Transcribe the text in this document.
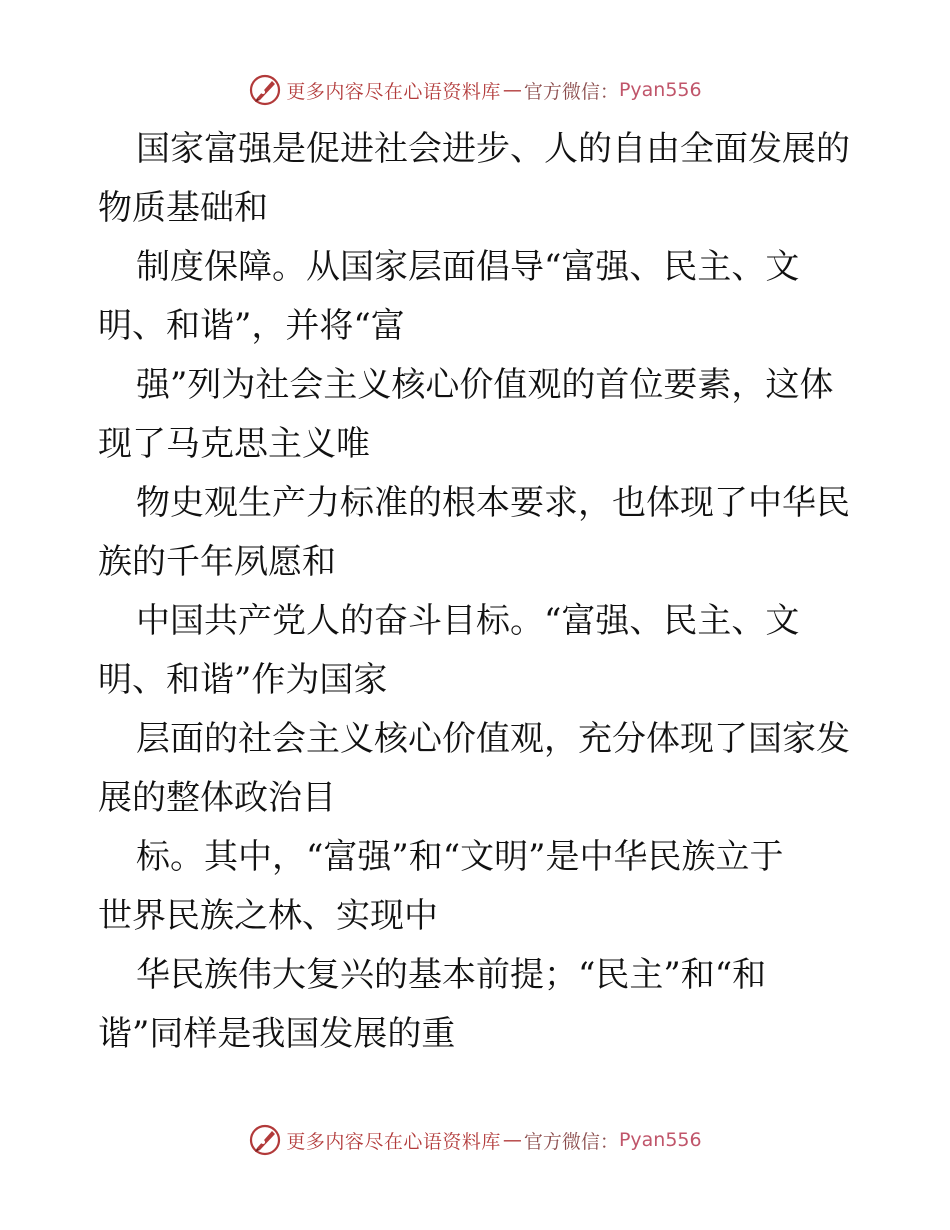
更多内容尽在心语资料库 — 官方微信： Pyan556
国家富强是促进社会进步、人的自由全面发展的
物质基础和
制度保障。从国家层面倡导“富强、民主、文
明、和谐”，并将“富
强”列为社会主义核心价值观的首位要素，这体
现了马克思主义唯
物史观生产力标准的根本要求，也体现了中华民
族的千年夙愿和
中国共产党人的奋斗目标。“富强、民主、文
明、和谐”作为国家
层面的社会主义核心价值观，充分体现了国家发
展的整体政治目
标。其中，“富强”和“文明”是中华民族立于
世界民族之林、实现中
华民族伟大复兴的基本前提；“民主”和“和
谐”同样是我国发展的重
更多内容尽在心语资料库 — 官方微信： Pyan556
